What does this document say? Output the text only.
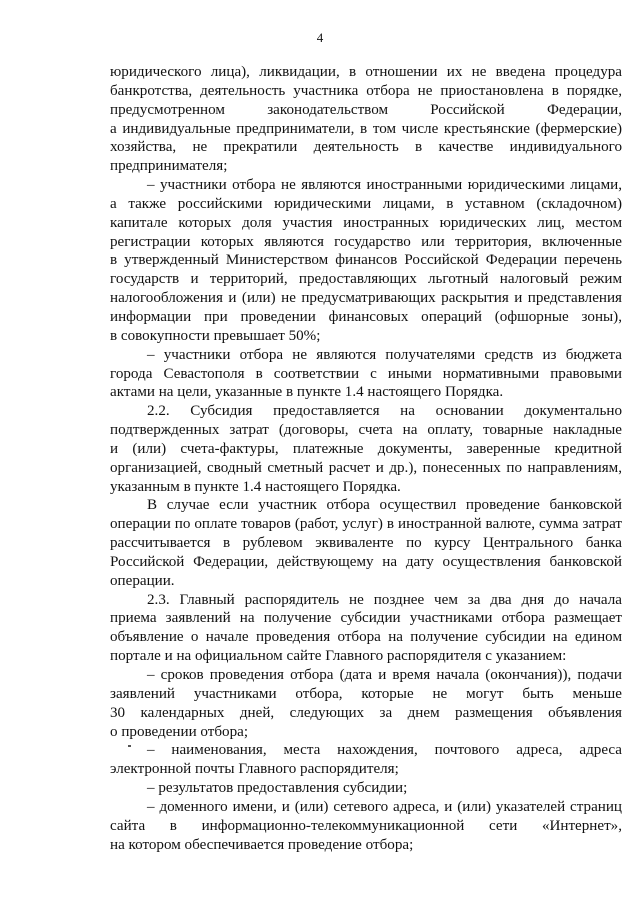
4
юридического лица), ликвидации, в отношении их не введена процедура
банкротства, деятельность участника отбора не приостановлена в порядке,
предусмотренном законодательством Российской Федерации,
а индивидуальные предприниматели, в том числе крестьянские (фермерские)
хозяйства, не прекратили деятельность в качестве индивидуального
предпринимателя;
– участники отбора не являются иностранными юридическими лицами,
а также российскими юридическими лицами, в уставном (складочном)
капитале которых доля участия иностранных юридических лиц, местом
регистрации которых являются государство или территория, включенные
в утвержденный Министерством финансов Российской Федерации перечень
государств и территорий, предоставляющих льготный налоговый режим
налогообложения и (или) не предусматривающих раскрытия и представления
информации при проведении финансовых операций (офшорные зоны),
в совокупности превышает 50%;
– участники отбора не являются получателями средств из бюджета
города Севастополя в соответствии с иными нормативными правовыми
актами на цели, указанные в пункте 1.4 настоящего Порядка.
2.2. Субсидия предоставляется на основании документально
подтвержденных затрат (договоры, счета на оплату, товарные накладные
и (или) счета-фактуры, платежные документы, заверенные кредитной
организацией, сводный сметный расчет и др.), понесенных по направлениям,
указанным в пункте 1.4 настоящего Порядка.
В случае если участник отбора осуществил проведение банковской
операции по оплате товаров (работ, услуг) в иностранной валюте, сумма затрат
рассчитывается в рублевом эквиваленте по курсу Центрального банка
Российской Федерации, действующему на дату осуществления банковской
операции.
2.3. Главный распорядитель не позднее чем за два дня до начала
приема заявлений на получение субсидии участниками отбора размещает
объявление о начале проведения отбора на получение субсидии на едином
портале и на официальном сайте Главного распорядителя с указанием:
– сроков проведения отбора (дата и время начала (окончания)), подачи
заявлений участниками отбора, которые не могут быть меньше
30 календарных дней, следующих за днем размещения объявления
о проведении отбора;
– наименования, места нахождения, почтового адреса, адреса
электронной почты Главного распорядителя;
– результатов предоставления субсидии;
– доменного имени, и (или) сетевого адреса, и (или) указателей страниц
сайта в информационно-телекоммуникационной сети «Интернет»,
на котором обеспечивается проведение отбора;
